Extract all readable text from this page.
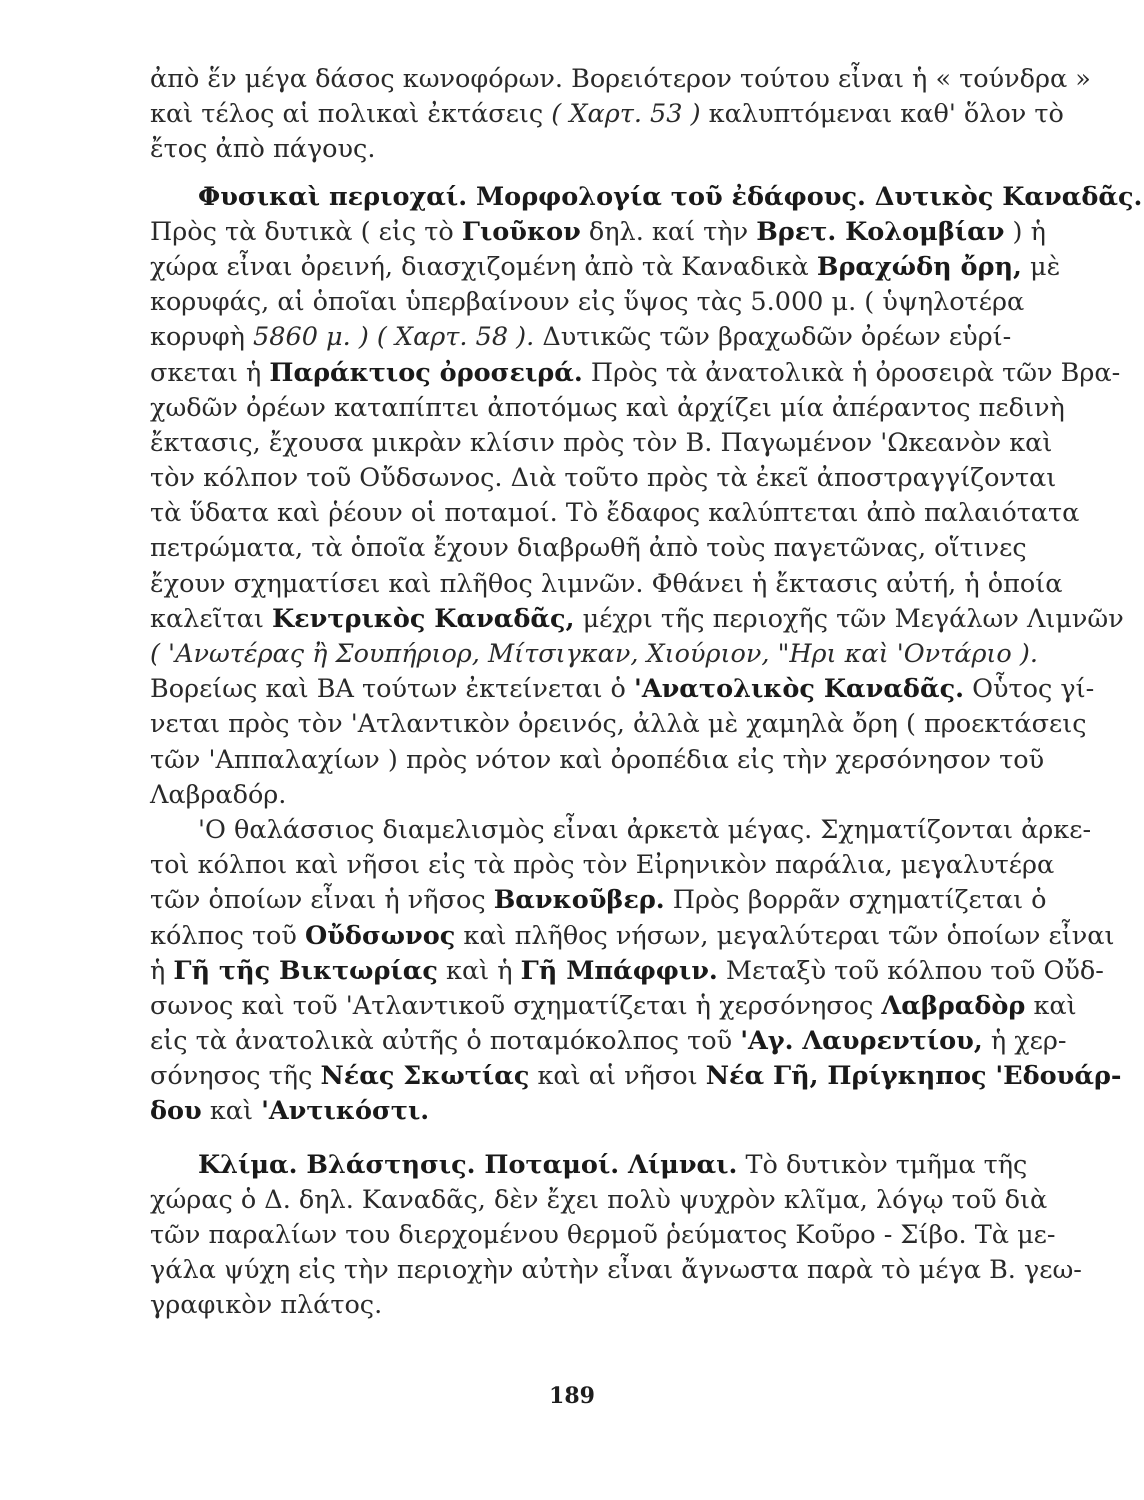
ἀπὸ ἕν μέγα δάσος κωνοφόρων. Βορειότερον τούτου εἶναι ἡ « τούνδρα »
καὶ τέλος αἱ πολικαὶ ἐκτάσεις ( Χαρτ. 53 ) καλυπτόμεναι καθ' ὅλον τὸ
ἔτος ἀπὸ πάγους.
Φυσικαὶ περιοχαί. Μορφολογία τοῦ ἐδάφους. Δυτικὸς Καναδᾶς.
Πρὸς τὰ δυτικὰ ( εἰς τὸ Γιοῦκον δηλ. καί τὴν Βρετ. Κολομβίαν ) ἡ
χώρα εἶναι ὀρεινή, διασχιζομένη ἀπὸ τὰ Καναδικὰ Βραχώδη ὄρη, μὲ
κορυφάς, αἱ ὁποῖαι ὑπερβαίνουν εἰς ὕψος τὰς 5.000 μ. ( ὑψηλοτέρα
κορυφὴ 5860 μ. ) ( Χαρτ. 58 ). Δυτικῶς τῶν βραχωδῶν ὀρέων εὑρί-
σκεται ἡ Παράκτιος ὀροσειρά. Πρὸς τὰ ἀνατολικὰ ἡ ὀροσειρὰ τῶν Βρα-
χωδῶν ὀρέων καταπίπτει ἀποτόμως καὶ ἀρχίζει μία ἀπέραντος πεδινὴ
ἔκτασις, ἔχουσα μικρὰν κλίσιν πρὸς τὸν Β. Παγωμένον 'Ωκεανὸν καὶ
τὸν κόλπον τοῦ Οὔδσωνος. Διὰ τοῦτο πρὸς τὰ ἐκεῖ ἀποστραγγίζονται
τὰ ὕδατα καὶ ῥέουν οἱ ποταμοί. Τὸ ἔδαφος καλύπτεται ἀπὸ παλαιότατα
πετρώματα, τὰ ὁποῖα ἔχουν διαβρωθῆ ἀπὸ τοὺς παγετῶνας, οἵτινες
ἔχουν σχηματίσει καὶ πλῆθος λιμνῶν. Φθάνει ἡ ἔκτασις αὐτή, ἡ ὁποία
καλεῖται Κεντρικὸς Καναδᾶς, μέχρι τῆς περιοχῆς τῶν Μεγάλων Λιμνῶν
( 'Ανωτέρας ἢ Σουπήριορ, Μίτσιγκαν, Χιούριον, "Ηρι καὶ 'Οντάριο ).
Βορείως καὶ ΒΑ τούτων ἐκτείνεται ὁ 'Ανατολικὸς Καναδᾶς. Οὗτος γί-
νεται πρὸς τὸν 'Ατλαντικὸν ὀρεινός, ἀλλὰ μὲ χαμηλὰ ὄρη ( προεκτάσεις
τῶν 'Αππαλαχίων ) πρὸς νότον καὶ ὀροπέδια εἰς τὴν χερσόνησον τοῦ
Λαβραδόρ.
'Ο θαλάσσιος διαμελισμὸς εἶναι ἀρκετὰ μέγας. Σχηματίζονται ἀρκε-
τοὶ κόλποι καὶ νῆσοι εἰς τὰ πρὸς τὸν Εἰρηνικὸν παράλια, μεγαλυτέρα
τῶν ὁποίων εἶναι ἡ νῆσος Βανκοῦβερ. Πρὸς βορρᾶν σχηματίζεται ὁ
κόλπος τοῦ Οὔδσωνος καὶ πλῆθος νήσων, μεγαλύτεραι τῶν ὁποίων εἶναι
ἡ Γῆ τῆς Βικτωρίας καὶ ἡ Γῆ Μπάφφιν. Μεταξὺ τοῦ κόλπου τοῦ Οὔδ-
σωνος καὶ τοῦ 'Ατλαντικοῦ σχηματίζεται ἡ χερσόνησος Λαβραδὸρ καὶ
εἰς τὰ ἀνατολικὰ αὐτῆς ὁ ποταμόκολπος τοῦ 'Αγ. Λαυρεντίου, ἡ χερ-
σόνησος τῆς Νέας Σκωτίας καὶ αἱ νῆσοι Νέα Γῆ, Πρίγκηπος 'Εδουάρ-
δου καὶ 'Αντικόστι.
Κλίμα. Βλάστησις. Ποταμοί. Λίμναι. Τὸ δυτικὸν τμῆμα τῆς
χώρας ὁ Δ. δηλ. Καναδᾶς, δὲν ἔχει πολὺ ψυχρὸν κλῖμα, λόγῳ τοῦ διὰ
τῶν παραλίων του διερχομένου θερμοῦ ῥεύματος Κοῦρο - Σίβο. Τὰ με-
γάλα ψύχη εἰς τὴν περιοχὴν αὐτὴν εἶναι ἄγνωστα παρὰ τὸ μέγα Β. γεω-
γραφικὸν πλάτος.
189
